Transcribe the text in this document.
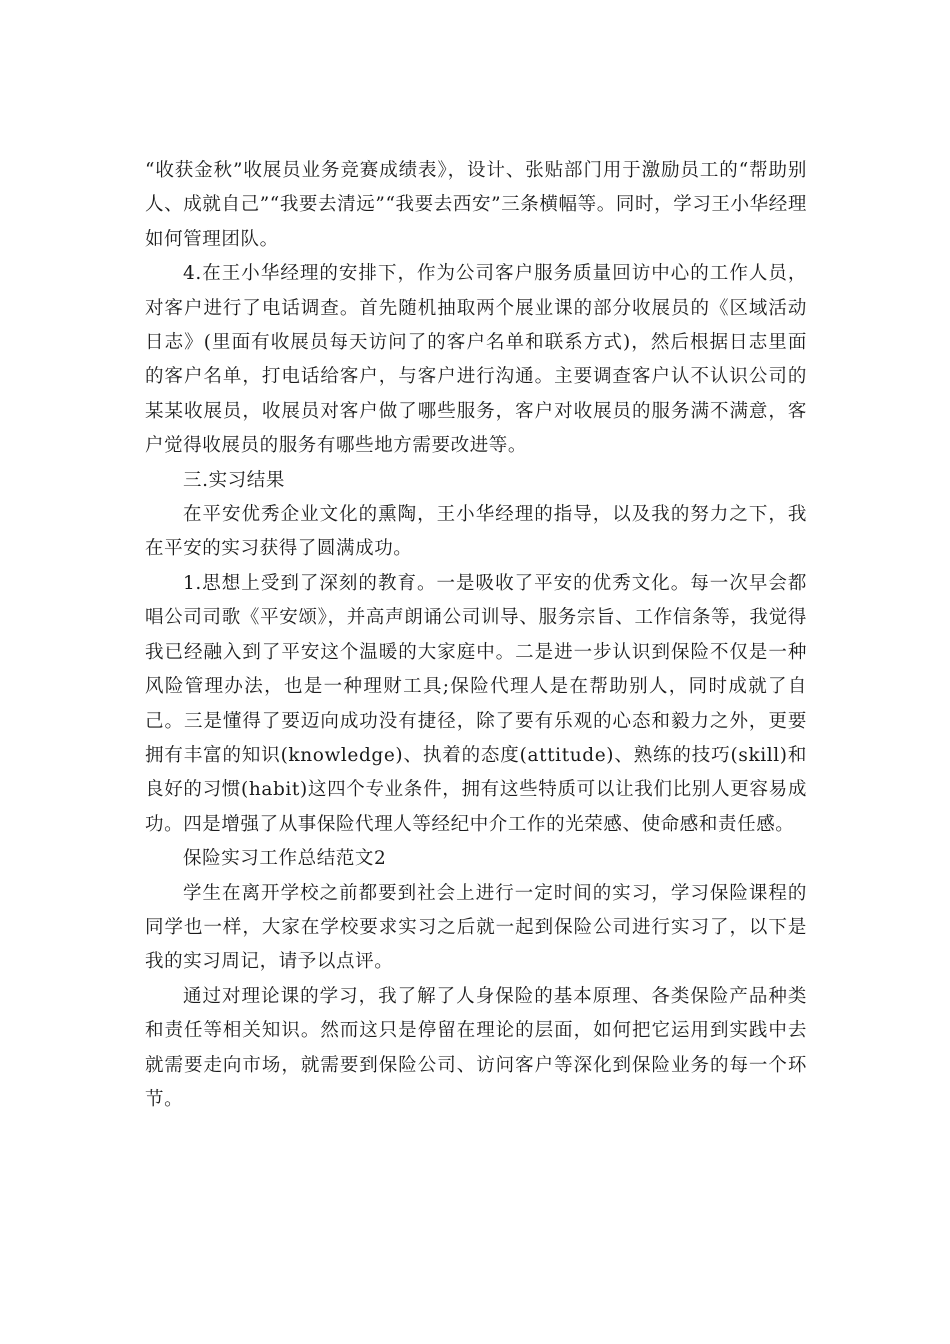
“收获金秋”收展员业务竞赛成绩表》，设计、张贴部门用于激励员工的“帮助别人、成就自己”“我要去清远”“我要去西安”三条横幅等。同时，学习王小华经理如何管理团队。

4.在王小华经理的安排下，作为公司客户服务质量回访中心的工作人员，对客户进行了电话调查。首先随机抽取两个展业课的部分收展员的《区域活动日志》(里面有收展员每天访问了的客户名单和联系方式)，然后根据日志里面的客户名单，打电话给客户，与客户进行沟通。主要调查客户认不认识公司的某某收展员，收展员对客户做了哪些服务，客户对收展员的服务满不满意，客户觉得收展员的服务有哪些地方需要改进等。

三.实习结果

在平安优秀企业文化的熏陶，王小华经理的指导，以及我的努力之下，我在平安的实习获得了圆满成功。

1.思想上受到了深刻的教育。一是吸收了平安的优秀文化。每一次早会都唱公司司歌《平安颂》，并高声朗诵公司训导、服务宗旨、工作信条等，我觉得我已经融入到了平安这个温暖的大家庭中。二是进一步认识到保险不仅是一种风险管理办法，也是一种理财工具;保险代理人是在帮助别人，同时成就了自己。三是懂得了要迈向成功没有捷径，除了要有乐观的心态和毅力之外，更要拥有丰富的知识(knowledge)、执着的态度(attitude)、熟练的技巧(skill)和良好的习惯(habit)这四个专业条件，拥有这些特质可以让我们比别人更容易成功。四是增强了从事保险代理人等经纪中介工作的光荣感、使命感和责任感。

保险实习工作总结范文2

学生在离开学校之前都要到社会上进行一定时间的实习，学习保险课程的同学也一样，大家在学校要求实习之后就一起到保险公司进行实习了，以下是我的实习周记，请予以点评。

通过对理论课的学习，我了解了人身保险的基本原理、各类保险产品种类和责任等相关知识。然而这只是停留在理论的层面，如何把它运用到实践中去就需要走向市场，就需要到保险公司、访问客户等深化到保险业务的每一个环节。
